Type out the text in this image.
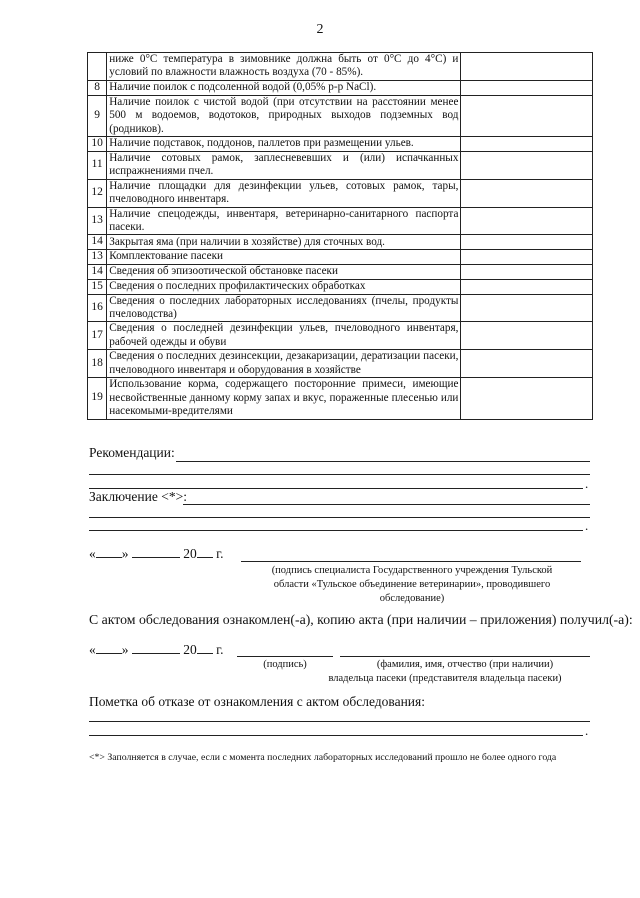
2
	ниже 0°С температура в зимовнике должна быть от 0°С до 4°С) и условий по влажности влажность воздуха (70 - 85%).	
8	Наличие поилок с подсоленной водой (0,05% р-р NaCl).	
9	Наличие поилок с чистой водой (при отсутствии на расстоянии менее 500 м водоемов, водотоков, природных выходов подземных вод (родников).	
10	Наличие подставок, поддонов, паллетов при размещении ульев.	
11	Наличие сотовых рамок, заплесневевших и (или) испачканных испражнениями пчел.	
12	Наличие площадки для дезинфекции ульев, сотовых рамок, тары, пчеловодного инвентаря.	
13	Наличие спецодежды, инвентаря, ветеринарно-санитарного паспорта пасеки.	
14	Закрытая яма (при наличии в хозяйстве) для сточных вод.	
13	Комплектование пасеки	
14	Сведения об эпизоотической обстановке пасеки	
15	Сведения о последних профилактических обработках	
16	Сведения о последних лабораторных исследованиях (пчелы, продукты пчеловодства)	
17	Сведения о последней дезинфекции ульев, пчеловодного инвентаря, рабочей одежды и обуви	
18	Сведения о последних дезинсекции, дезакаризации, дератизации пасеки, пчеловодного инвентаря и оборудования в хозяйстве	
19	Использование корма, содержащего посторонние примеси, имеющие несвойственные данному корму запах и вкус, пораженные плесенью или насекомыми-вредителями	
Рекомендации:
.
Заключение <*>:
.
« »	20 г.
(подпись специалиста Государственного учреждения Тульской области «Тульское объединение ветеринарии», проводившего обследование)
С актом обследования ознакомлен(-а), копию акта (при наличии – приложения) получил(-а):
« »	20 г.
(подпись)	(фамилия, имя, отчество (при наличии)
владельца пасеки (представителя владельца пасеки)
Пометка об отказе от ознакомления с актом обследования:
.
<*> Заполняется в случае, если с момента последних лабораторных исследований прошло не более одного года
